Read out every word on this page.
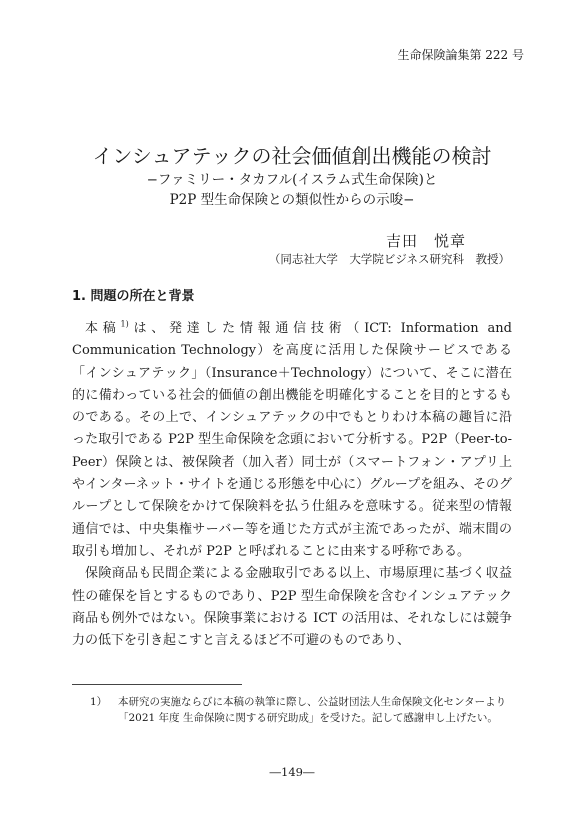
生命保険論集第 222 号
インシュアテックの社会価値創出機能の検討
−ファミリー・タカフル(イスラム式生命保険)と
P2P 型生命保険との類似性からの示唆−
吉田　悦章
（同志社大学　大学院ビジネス研究科　教授）
1. 問題の所在と背景

本稿$^{1)}$は、発達した情報通信技術（ICT: Information and Communication Technology）を高度に活用した保険サービスである「インシュアテック」（Insurance＋Technology）について、そこに潜在的に備わっている社会的価値の創出機能を明確化することを目的とするものである。その上で、インシュアテックの中でもとりわけ本稿の趣旨に沿った取引である P2P 型生命保険を念頭において分析する。P2P（Peer-to-Peer）保険とは、被保険者（加入者）同士が（スマートフォン・アプリ上やインターネット・サイトを通じる形態を中心に）グループを組み、そのグループとして保険をかけて保険料を払う仕組みを意味する。従来型の情報通信では、中央集権サーバー等を通じた方式が主流であったが、端末間の取引も増加し、それが P2P と呼ばれることに由来する呼称である。

保険商品も民間企業による金融取引である以上、市場原理に基づく収益性の確保を旨とするものであり、P2P 型生命保険を含むインシュアテック商品も例外ではない。保険事業における ICT の活用は、それなしには競争力の低下を引き起こすと言えるほど不可避のものであり、

1） 本研究の実施ならびに本稿の執筆に際し、公益財団法人生命保険文化センターより「2021 年度 生命保険に関する研究助成」を受けた。記して感謝申し上げたい。
―149―
